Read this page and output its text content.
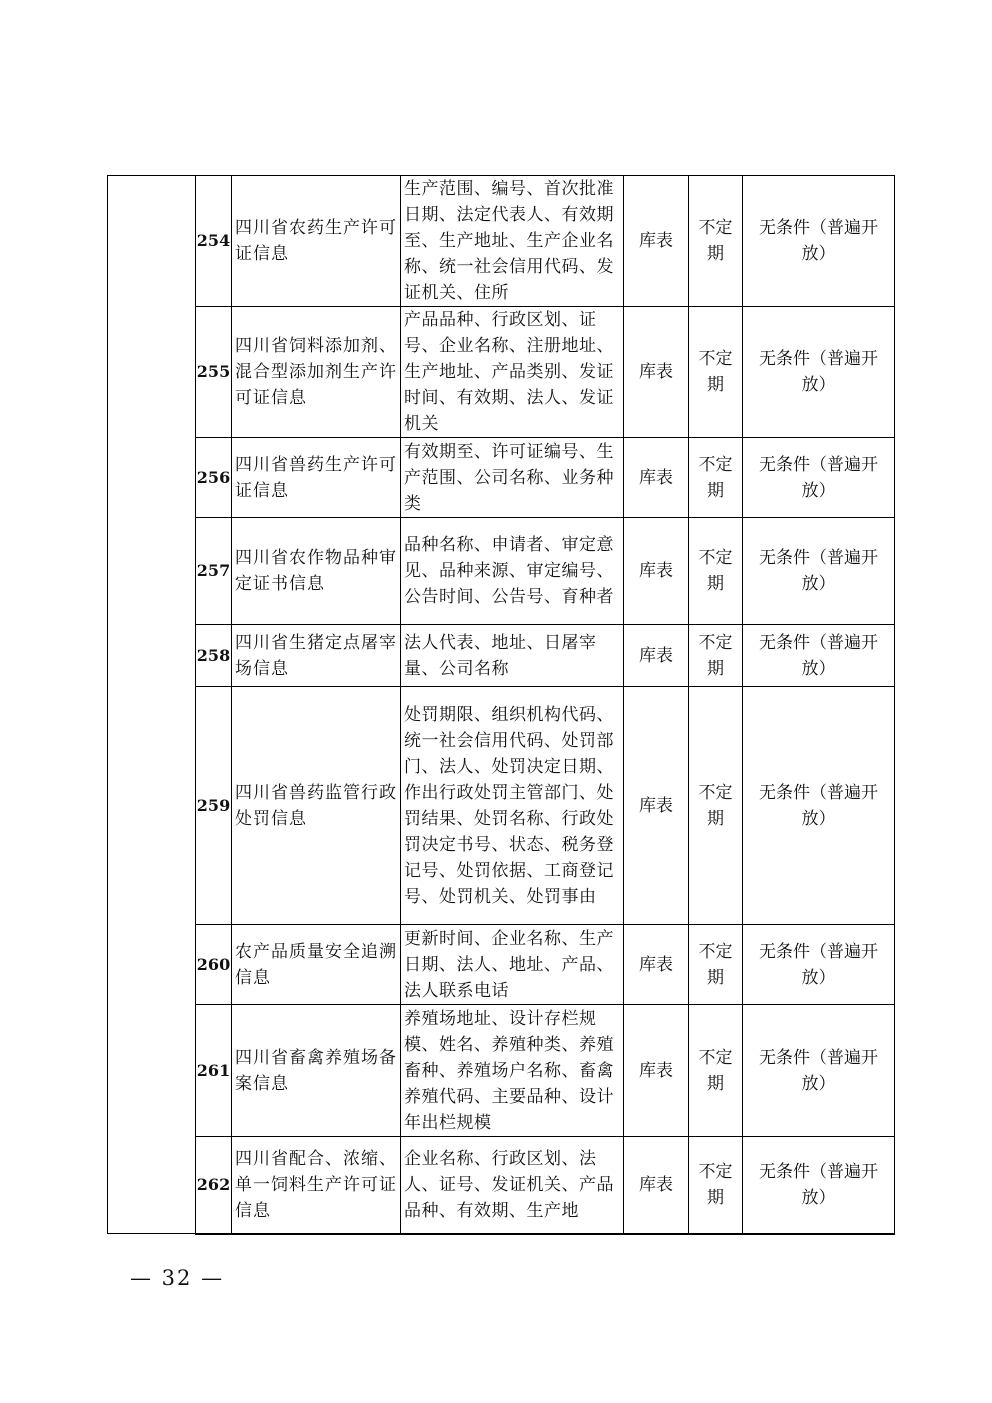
	254	四川省农药生产许可证信息	生产范围、编号、首次批准日期、法定代表人、有效期至、生产地址、生产企业名称、统一社会信用代码、发证机关、住所	库表	不定期	无条件（普遍开放）
	255	四川省饲料添加剂、混合型添加剂生产许可证信息	产品品种、行政区划、证号、企业名称、注册地址、生产地址、产品类别、发证时间、有效期、法人、发证机关	库表	不定期	无条件（普遍开放）
	256	四川省兽药生产许可证信息	有效期至、许可证编号、生产范围、公司名称、业务种类	库表	不定期	无条件（普遍开放）
	257	四川省农作物品种审定证书信息	品种名称、申请者、审定意见、品种来源、审定编号、公告时间、公告号、育种者	库表	不定期	无条件（普遍开放）
	258	四川省生猪定点屠宰场信息	法人代表、地址、日屠宰量、公司名称	库表	不定期	无条件（普遍开放）
	259	四川省兽药监管行政处罚信息	处罚期限、组织机构代码、统一社会信用代码、处罚部门、法人、处罚决定日期、作出行政处罚主管部门、处罚结果、处罚名称、行政处罚决定书号、状态、税务登记号、处罚依据、工商登记号、处罚机关、处罚事由	库表	不定期	无条件（普遍开放）
	260	农产品质量安全追溯信息	更新时间、企业名称、生产日期、法人、地址、产品、法人联系电话	库表	不定期	无条件（普遍开放）
	261	四川省畜禽养殖场备案信息	养殖场地址、设计存栏规模、姓名、养殖种类、养殖畜种、养殖场户名称、畜禽养殖代码、主要品种、设计年出栏规模	库表	不定期	无条件（普遍开放）
	262	四川省配合、浓缩、单一饲料生产许可证信息	企业名称、行政区划、法人、证号、发证机关、产品品种、有效期、生产地	库表	不定期	无条件（普遍开放）
— 32 —
